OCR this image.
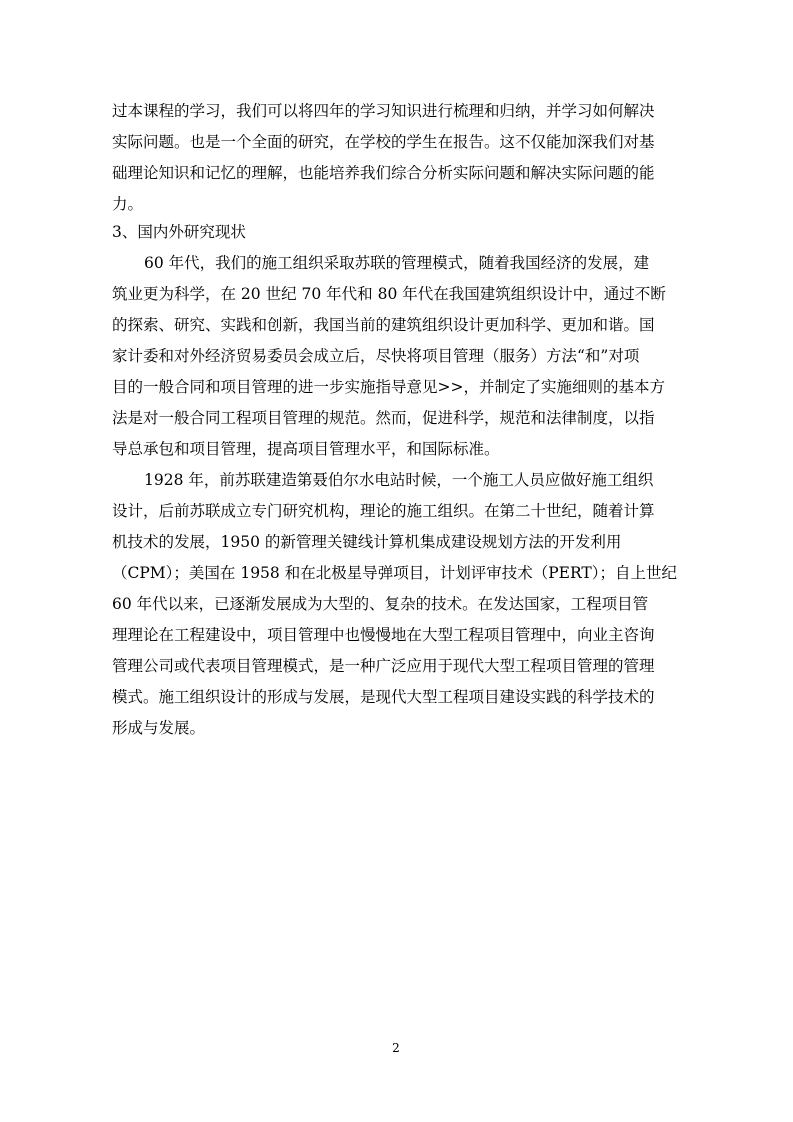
过本课程的学习，我们可以将四年的学习知识进行梳理和归纳，并学习如何解决
实际问题。也是一个全面的研究，在学校的学生在报告。这不仅能加深我们对基
础理论知识和记忆的理解，也能培养我们综合分析实际问题和解决实际问题的能
力。
3、国内外研究现状
60 年代，我们的施工组织采取苏联的管理模式，随着我国经济的发展，建
筑业更为科学，在 20 世纪 70 年代和 80 年代在我国建筑组织设计中，通过不断
的探索、研究、实践和创新，我国当前的建筑组织设计更加科学、更加和谐。国
家计委和对外经济贸易委员会成立后，尽快将项目管理（服务）方法“和”对项
目的一般合同和项目管理的进一步实施指导意见>>，并制定了实施细则的基本方
法是对一般合同工程项目管理的规范。然而，促进科学，规范和法律制度，以指
导总承包和项目管理，提高项目管理水平，和国际标准。
1928 年，前苏联建造第聂伯尔水电站时候，一个施工人员应做好施工组织
设计，后前苏联成立专门研究机构，理论的施工组织。在第二十世纪，随着计算
机技术的发展，1950 的新管理关键线计算机集成建设规划方法的开发利用
（CPM）；美国在 1958 和在北极星导弹项目，计划评审技术（PERT）；自上世纪
60 年代以来，已逐渐发展成为大型的、复杂的技术。在发达国家，工程项目管
理理论在工程建设中，项目管理中也慢慢地在大型工程项目管理中，向业主咨询
管理公司或代表项目管理模式，是一种广泛应用于现代大型工程项目管理的管理
模式。施工组织设计的形成与发展，是现代大型工程项目建设实践的科学技术的
形成与发展。
2
